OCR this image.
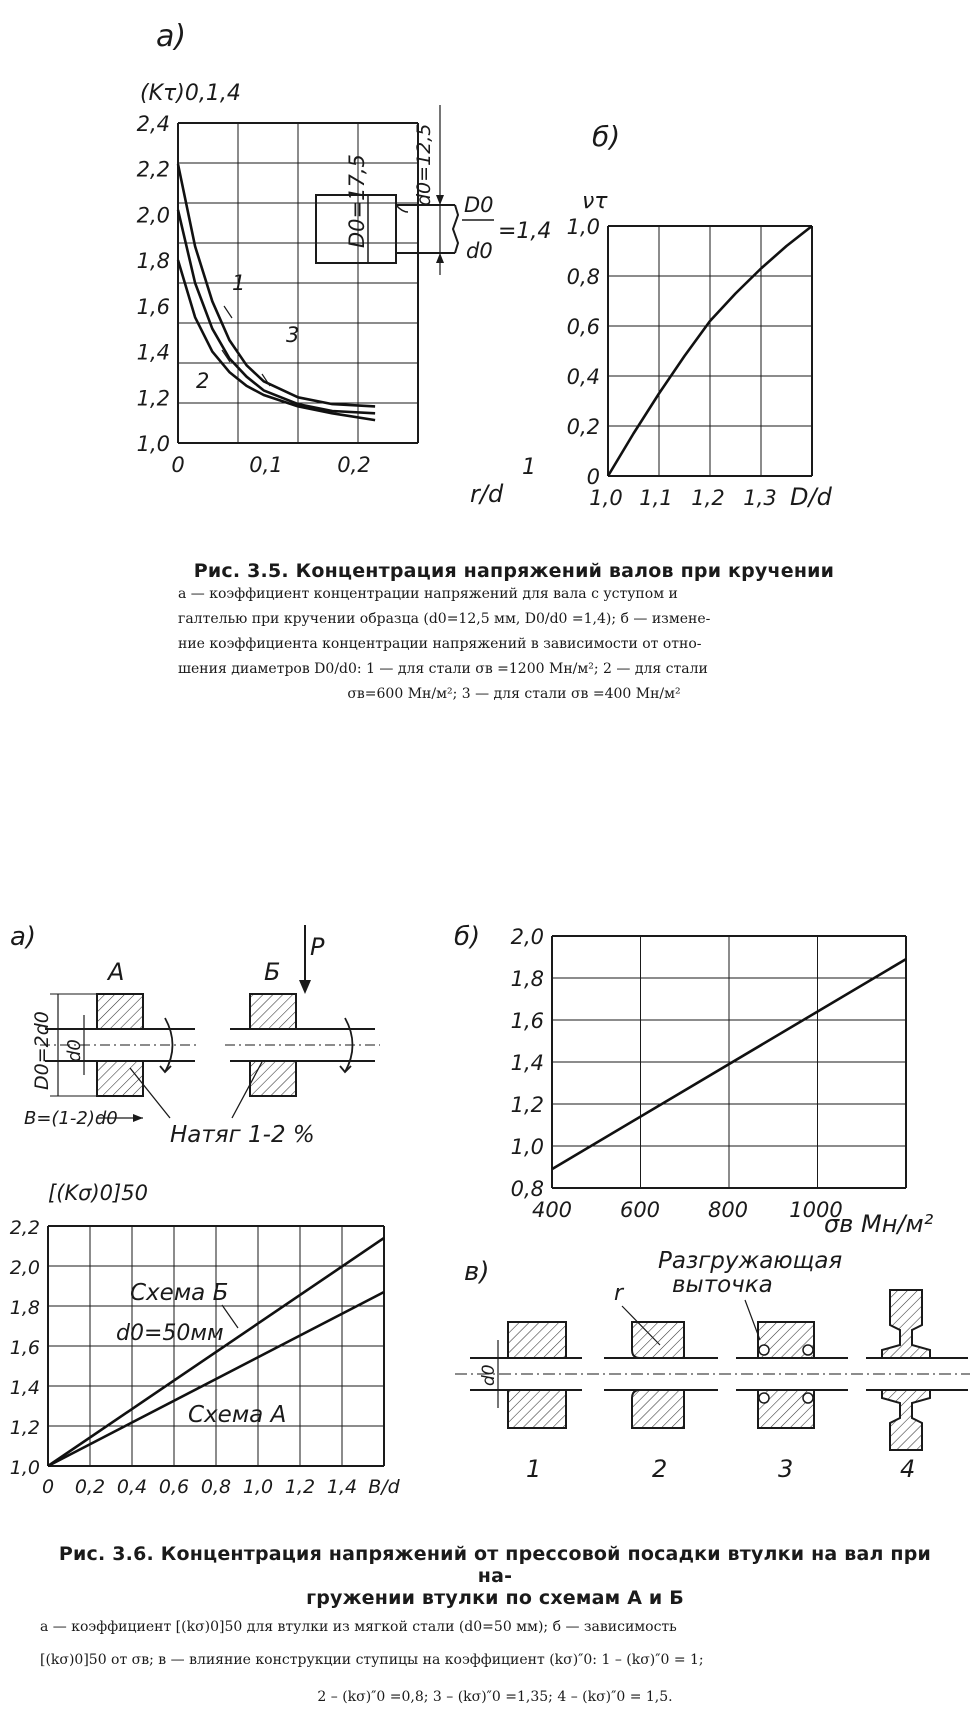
а)
(Kτ)0,1,4
1,0
1,2
1,4
1,6
1,8
2,0
2,2
2,4
0	0,1	0,2
1
2
3
r/d
1
D0=17,5 d0=12,5 D0
d0
=1,4
б)
ντ
0
0,2
0,4
0,6
0,8
1,0
1,0 1,1 1,2 1,3 D/d
а)
А	Б
P
D0=2d0 d0
B=(1-2)d0
Натяг 1-2 %
[(Kσ)0]50
1,0
1,2
1,4
1,6
1,8
2,0
2,2
0 0,2 0,4 0,6 0,8 1,0 1,2 1,4 B/d
Схема Б
d0=50мм
Схема А
б)
0,8
1,0
1,2
1,4
1,6
1,8
2,0
400 600 800 1000
σв Мн/м²
в)	Разгружающая
выточка
r
d0
1	2	3	4
Рис. 3.5. Концентрация напряжений валов при кручении
а — коэффициент концентрации напряжений для вала с уступом и
галтелью при кручении образца (d0=12,5 мм, D0/d0 =1,4); б — измене-
ние коэффициента концентрации напряжений в зависимости от отно-
шения диаметров D0/d0: 1 — для стали σв =1200 Мн/м²; 2 — для стали
σв=600 Мн/м²; 3 — для стали σв =400 Мн/м²
Рис. 3.6. Концентрация напряжений от прессовой посадки втулки на вал при на-
гружении втулки по схемам А и Б
а — коэффициент [(kσ)0]50 для втулки из мягкой стали (d0=50 мм); б — зависимость
[(kσ)0]50 от σв; в — влияние конструкции ступицы на коэффициент (kσ)″0: 1 – (kσ)″0 = 1;
2 – (kσ)″0 =0,8; 3 – (kσ)″0 =1,35; 4 – (kσ)″0 = 1,5.
